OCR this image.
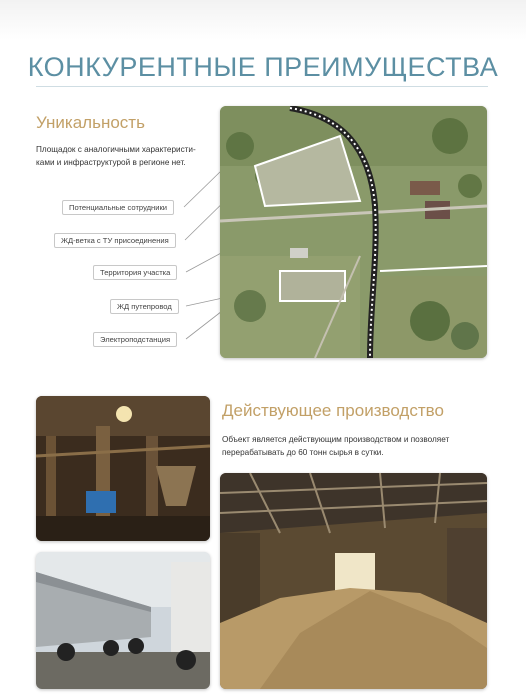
КОНКУРЕНТНЫЕ ПРЕИМУЩЕСТВА
Уникальность
Площадок с аналогичными характеристи-
ками и инфраструктурой в регионе нет.
Потенциальные сотрудники
ЖД-ветка с ТУ присоединения
Территория участка
ЖД путепровод
Электроподстанция
Действующее производство
Объект является действующим производством и позволяет
перерабатывать до 60 тонн сырья в сутки.
